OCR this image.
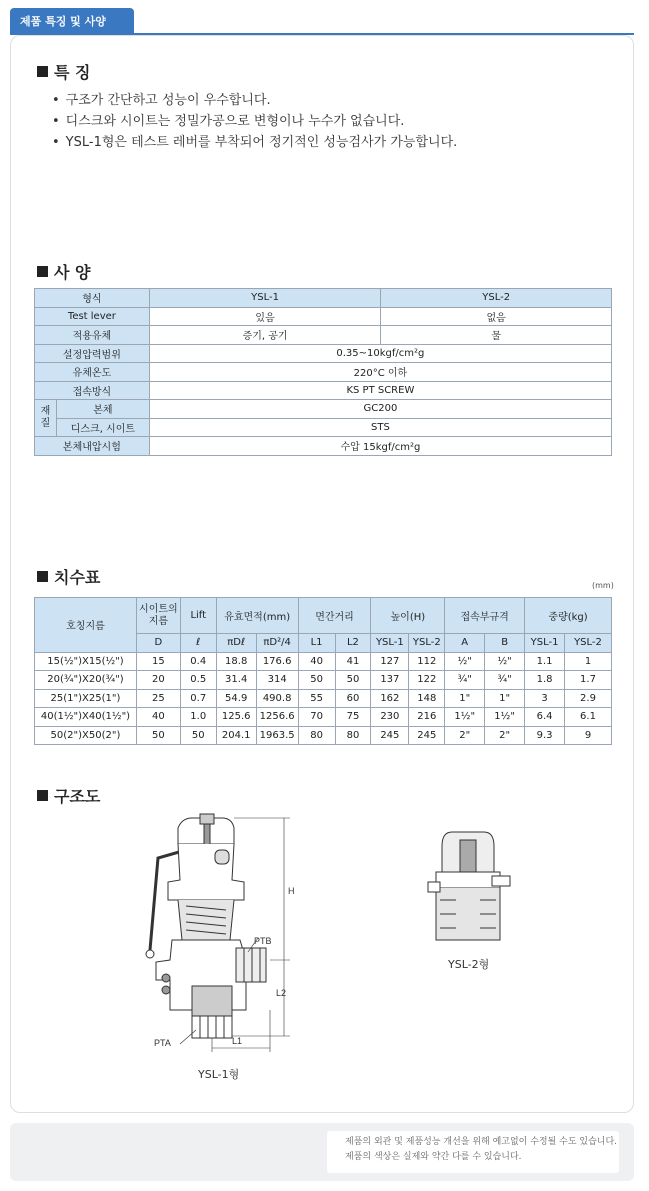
제품 특징 및 사양
특 징
• 구조가 간단하고 성능이 우수합니다.
• 디스크와 시이트는 정밀가공으로 변형이나 누수가 없습니다.
• YSL-1형은 테스트 레버를 부착되어 정기적인 성능검사가 가능합니다.
사 양
형식		YSL-1	YSL-2
Test lever		있음	없음
적용유체		증기, 공기	물
설정압력범위		0.35~10kgf/cm²g	
유체온도		220°C 이하	
접속방식		KS PT SCREW	
재질	본체	GC200	
	디스크, 시이트	STS	
본체내압시험		수압 15kgf/cm²g	
치수표	(mm)
호칭지름	시이트의 지름	Lift	유효면적(mm)		면간거리		높이(H)		접속부규격		중량(kg)	
	D	ℓ	πDℓ	πD²/4	L1	L2	YSL-1	YSL-2	A	B	YSL-1	YSL-2
15(½")X15(½")	15	0.4	18.8	176.6	40	41	127	112	½"	½"	1.1	1
20(¾")X20(¾")	20	0.5	31.4	314	50	50	137	122	¾"	¾"	1.8	1.7
25(1")X25(1")	25	0.7	54.9	490.8	55	60	162	148	1"	1"	3	2.9
40(1½")X40(1½")	40	1.0	125.6	1256.6	70	75	230	216	1½"	1½"	6.4	6.1
50(2")X50(2")	50	50	204.1	1963.5	80	80	245	245	2"	2"	9.3	9
구조도
PTB
PTA
H
L2
L1
YSL-1형
YSL-2형
제품의 외관 및 제품성능 개선을 위해 예고없이 수정될 수도 있습니다.
제품의 색상은 실제와 약간 다를 수 있습니다.
